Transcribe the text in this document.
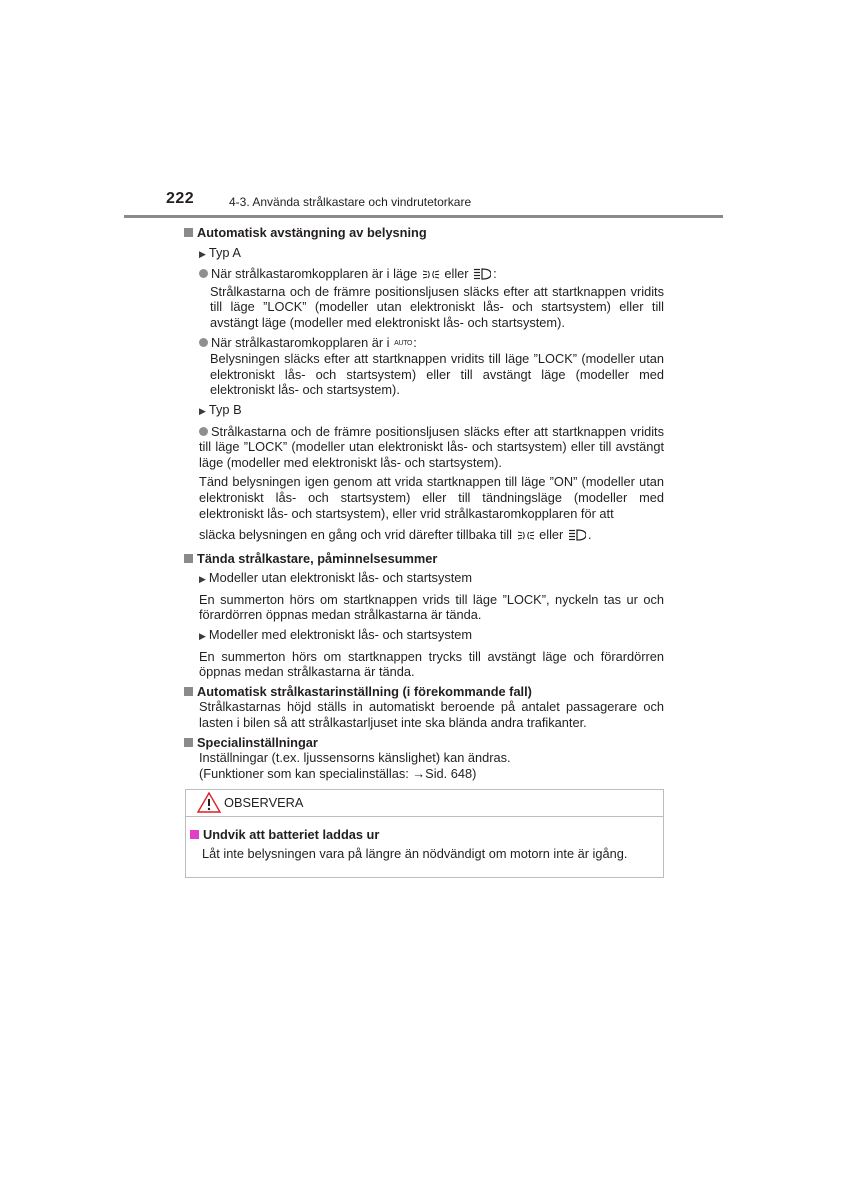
222	4-3. Använda strålkastare och vindrutetorkare

Automatisk avstängning av belysning

▶ Typ A

När strålkastaromkopplaren är i läge  eller :

Strålkastarna och de främre positionsljusen släcks efter att startknappen vridits till läge ”LOCK” (modeller utan elektroniskt lås- och startsystem) eller till avstängt läge (modeller med elektroniskt lås- och startsystem).

När strålkastaromkopplaren är i AUTO:

Belysningen släcks efter att startknappen vridits till läge ”LOCK” (modeller utan elektroniskt lås- och startsystem) eller till avstängt läge (modeller med elektroniskt lås- och startsystem).

▶ Typ B

Strålkastarna och de främre positionsljusen släcks efter att startknappen vridits till läge ”LOCK” (modeller utan elektroniskt lås- och startsystem) eller till avstängt läge (modeller med elektroniskt lås- och startsystem).

Tänd belysningen igen genom att vrida startknappen till läge ”ON” (modeller utan elektroniskt lås- och startsystem) eller till tändningsläge (modeller med elektroniskt lås- och startsystem), eller vrid strålkastaromkopplaren för att

släcka belysningen en gång och vrid därefter tillbaka till  eller .

Tända strålkastare, påminnelsesummer

▶ Modeller utan elektroniskt lås- och startsystem

En summerton hörs om startknappen vrids till läge ”LOCK”, nyckeln tas ur och förardörren öppnas medan strålkastarna är tända.

▶ Modeller med elektroniskt lås- och startsystem

En summerton hörs om startknappen trycks till avstängt läge och förardörren öppnas medan strålkastarna är tända.

Automatisk strålkastarinställning (i förekommande fall)

Strålkastarnas höjd ställs in automatiskt beroende på antalet passagerare och lasten i bilen så att strålkastarljuset inte ska blända andra trafikanter.

Specialinställningar

Inställningar (t.ex. ljussensorns känslighet) kan ändras.

(Funktioner som kan specialinställas: →Sid. 648)

OBSERVERA
Undvik att batteriet laddas ur
Låt inte belysningen vara på längre än nödvändigt om motorn inte är igång.
